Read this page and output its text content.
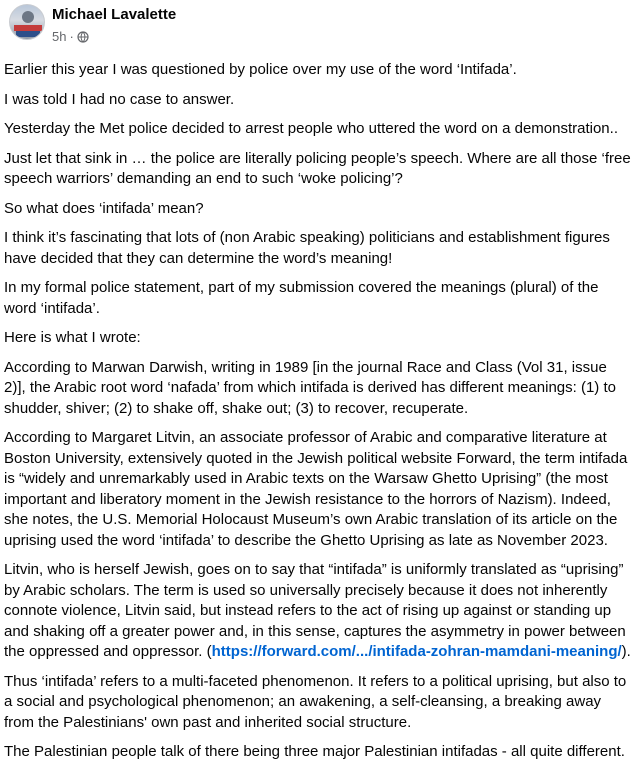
Michael Lavalette
5h ·

Earlier this year I was questioned by police over my use of the word ‘Intifada’.

I was told I had no case to answer.

Yesterday the Met police decided to arrest people who uttered the word on a demonstration..

Just let that sink in … the police are literally policing people’s speech. Where are all those ‘free speech warriors’ demanding an end to such ‘woke policing’?

So what does ‘intifada’ mean?

I think it’s fascinating that lots of (non Arabic speaking) politicians and establishment figures have decided that they can determine the word’s meaning!

In my formal police statement, part of my submission covered the meanings (plural) of the word ‘intifada’.

Here is what I wrote:

According to Marwan Darwish, writing in 1989 [in the journal Race and Class (Vol 31, issue 2)], the Arabic root word ‘nafada’ from which intifada is derived has different meanings: (1) to shudder, shiver; (2) to shake off, shake out; (3) to recover, recuperate.

According to Margaret Litvin, an associate professor of Arabic and comparative literature at Boston University, extensively quoted in the Jewish political website Forward, the term intifada is “widely and unremarkably used in Arabic texts on the Warsaw Ghetto Uprising” (the most important and liberatory moment in the Jewish resistance to the horrors of Nazism). Indeed, she notes, the U.S. Memorial Holocaust Museum’s own Arabic translation of its article on the uprising used the word ‘intifada’ to describe the Ghetto Uprising as late as November 2023.

Litvin, who is herself Jewish, goes on to say that “intifada” is uniformly translated as “uprising” by Arabic scholars. The term is used so universally precisely because it does not inherently connote violence, Litvin said, but instead refers to the act of rising up against or standing up and shaking off a greater power and, in this sense, captures the asymmetry in power between the oppressed and oppressor. (https://forward.com/.../intifada-zohran-mamdani-meaning/).

Thus ‘intifada’ refers to a multi-faceted phenomenon. It refers to a political uprising, but also to a social and psychological phenomenon; an awakening, a self-cleansing, a breaking away from the Palestinians' own past and inherited social structure.

The Palestinian people talk of there being three major Palestinian intifadas - all quite different.
